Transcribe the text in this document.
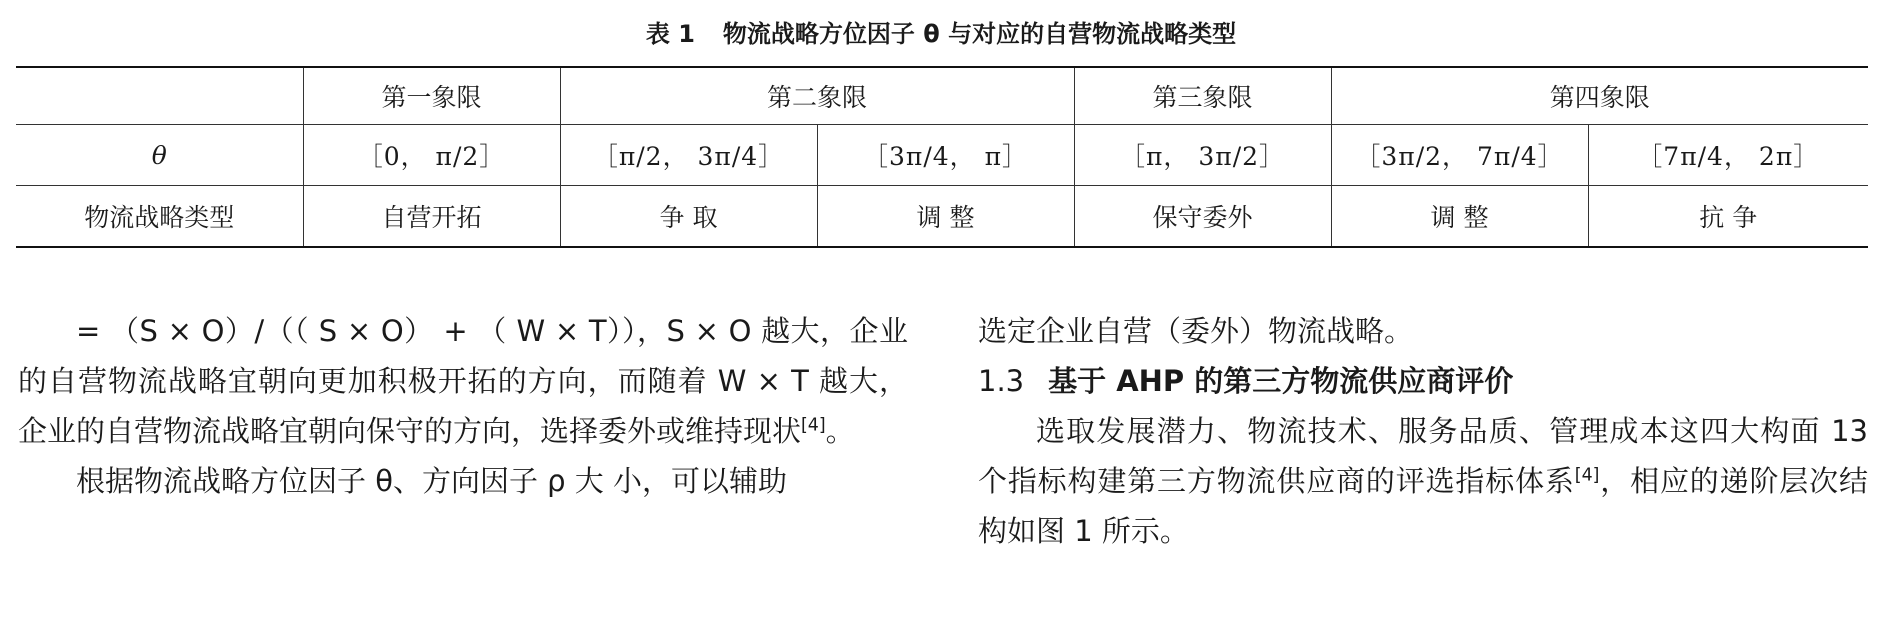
表 1 物流战略方位因子 θ 与对应的自营物流战略类型
	第一象限	第二象限		第三象限	第四象限	
θ	［0， π/2］	［π/2， 3π/4］	［3π/4， π］	［π， 3π/2］	［3π/2， 7π/4］	［7π/4， 2π］
物流战略类型	自营开拓	争 取	调 整	保守委外	调 整	抗 争

= （S × O）/（（ S × O） + （ W × T）），S × O 越大，企业的自营物流战略宜朝向更加积极开拓的方向，而随着 W × T 越大，企业的自营物流战略宜朝向保守的方向，选择委外或维持现状[4]。

根据物流战略方位因子 θ、方向因子 ρ 大 小，可以辅助

选定企业自营（委外）物流战略。

1.3 基于 AHP 的第三方物流供应商评价

选取发展潜力、物流技术、服务品质、管理成本这四大构面 13 个指标构建第三方物流供应商的评选指标体系[4]，相应的递阶层次结构如图 1 所示。
